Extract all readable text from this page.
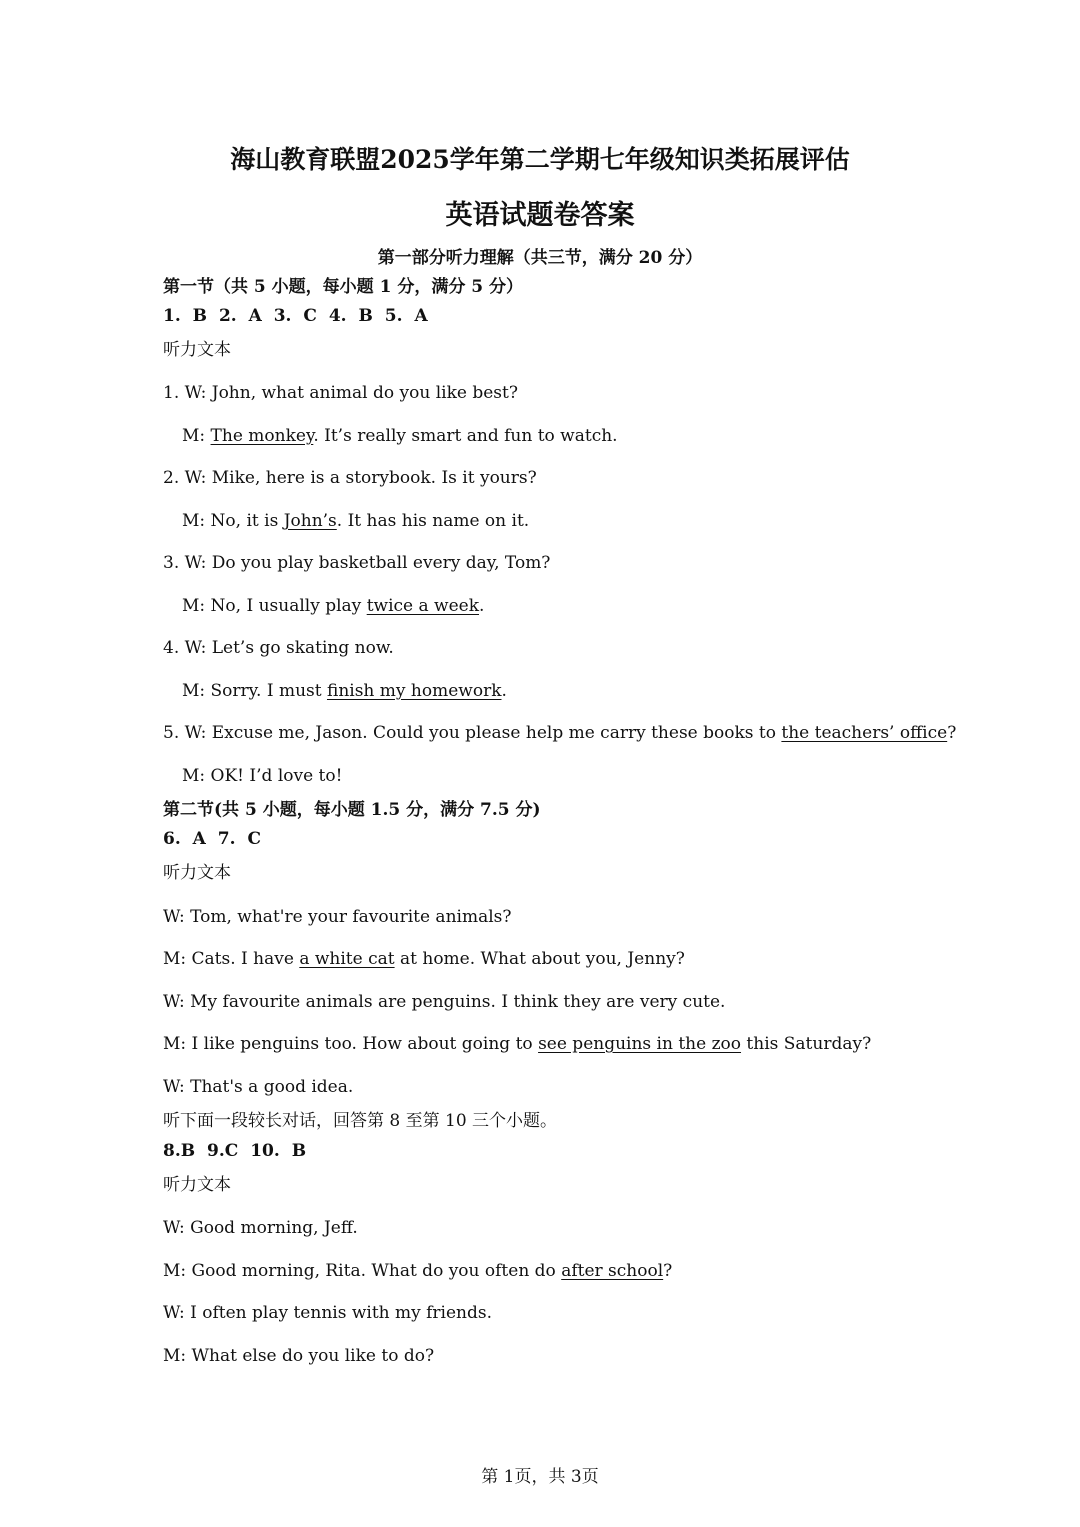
海山教育联盟2025学年第二学期七年级知识类拓展评估
英语试题卷答案
第一部分听力理解（共三节，满分 20 分）
第一节（共 5 小题，每小题 1 分，满分 5 分）
1. B 2. A 3. C 4. B 5. A
听力文本
1. W: John, what animal do you like best?
M: The monkey. It’s really smart and fun to watch.
2. W: Mike, here is a storybook. Is it yours?
M: No, it is John’s. It has his name on it.
3. W: Do you play basketball every day, Tom?
M: No, I usually play twice a week.
4. W: Let’s go skating now.
M: Sorry. I must finish my homework.
5. W: Excuse me, Jason. Could you please help me carry these books to the teachers’ office?
M: OK! I’d love to!
第二节(共 5 小题，每小题 1.5 分，满分 7.5 分)
6. A 7. C
听力文本
W: Tom, what're your favourite animals?
M: Cats. I have a white cat at home. What about you, Jenny?
W: My favourite animals are penguins. I think they are very cute.
M: I like penguins too. How about going to see penguins in the zoo this Saturday?
W: That's a good idea.
听下面一段较长对话，回答第 8 至第 10 三个小题。
8.B 9.C 10. B
听力文本
W: Good morning, Jeff.
M: Good morning, Rita. What do you often do after school?
W: I often play tennis with my friends.
M: What else do you like to do?
第 1页，共 3页
